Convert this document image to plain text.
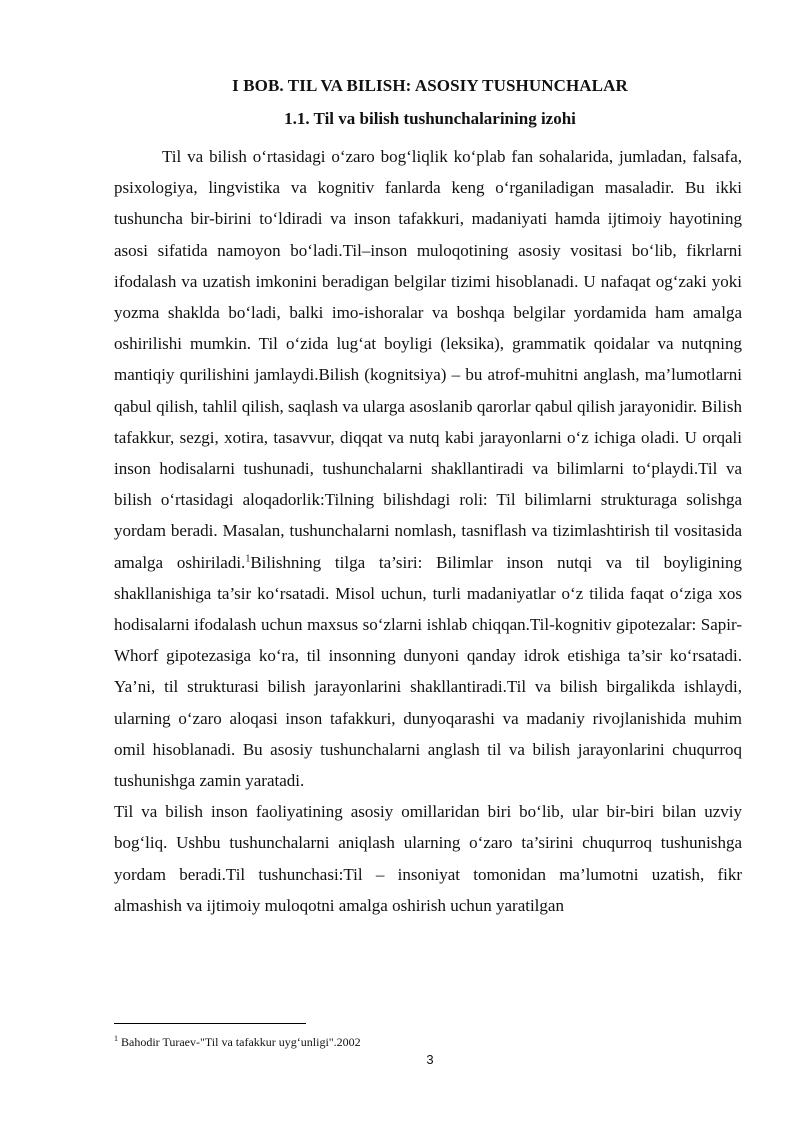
I BOB. TIL VA BILISH: ASOSIY TUSHUNCHALAR
1.1. Til va bilish tushunchalarining izohi

Til va bilish o‘rtasidagi o‘zaro bog‘liqlik ko‘plab fan sohalarida, jumladan, falsafa, psixologiya, lingvistika va kognitiv fanlarda keng o‘rganiladigan masaladir. Bu ikki tushuncha bir-birini to‘ldiradi va inson tafakkuri, madaniyati hamda ijtimoiy hayotining asosi sifatida namoyon bo‘ladi.Til–inson muloqotining asosiy vositasi bo‘lib, fikrlarni ifodalash va uzatish imkonini beradigan belgilar tizimi hisoblanadi. U nafaqat og‘zaki yoki yozma shaklda bo‘ladi, balki imo-ishoralar va boshqa belgilar yordamida ham amalga oshirilishi mumkin. Til o‘zida lug‘at boyligi (leksika), grammatik qoidalar va nutqning mantiqiy qurilishini jamlaydi.Bilish (kognitsiya) – bu atrof-muhitni anglash, ma’lumotlarni qabul qilish, tahlil qilish, saqlash va ularga asoslanib qarorlar qabul qilish jarayonidir. Bilish tafakkur, sezgi, xotira, tasavvur, diqqat va nutq kabi jarayonlarni o‘z ichiga oladi. U orqali inson hodisalarni tushunadi, tushunchalarni shakllantiradi va bilimlarni to‘playdi.Til va bilish o‘rtasidagi aloqadorlik:Tilning bilishdagi roli: Til bilimlarni strukturaga solishga yordam beradi. Masalan, tushunchalarni nomlash, tasniflash va tizimlashtirish til vositasida amalga oshiriladi.$^1$Bilishning tilga ta’siri: Bilimlar inson nutqi va til boyligining shakllanishiga ta’sir ko‘rsatadi. Misol uchun, turli madaniyatlar o‘z tilida faqat o‘ziga xos hodisalarni ifodalash uchun maxsus so‘zlarni ishlab chiqqan.Til-kognitiv gipotezalar: Sapir-Whorf gipotezasiga ko‘ra, til insonning dunyoni qanday idrok etishiga ta’sir ko‘rsatadi. Ya’ni, til strukturasi bilish jarayonlarini shakllantiradi.Til va bilish birgalikda ishlaydi, ularning o‘zaro aloqasi inson tafakkuri, dunyoqarashi va madaniy rivojlanishida muhim omil hisoblanadi. Bu asosiy tushunchalarni anglash til va bilish jarayonlarini chuqurroq tushunishga zamin yaratadi.

Til va bilish inson faoliyatining asosiy omillaridan biri bo‘lib, ular bir-biri bilan uzviy bog‘liq. Ushbu tushunchalarni aniqlash ularning o‘zaro ta’sirini chuqurroq tushunishga yordam beradi.Til tushunchasi:Til – insoniyat tomonidan ma’lumotni uzatish, fikr almashish va ijtimoiy muloqotni amalga oshirish uchun yaratilgan

$^1$ Bahodir Turaev-"Til va tafakkur uyg‘unligi".2002
3
